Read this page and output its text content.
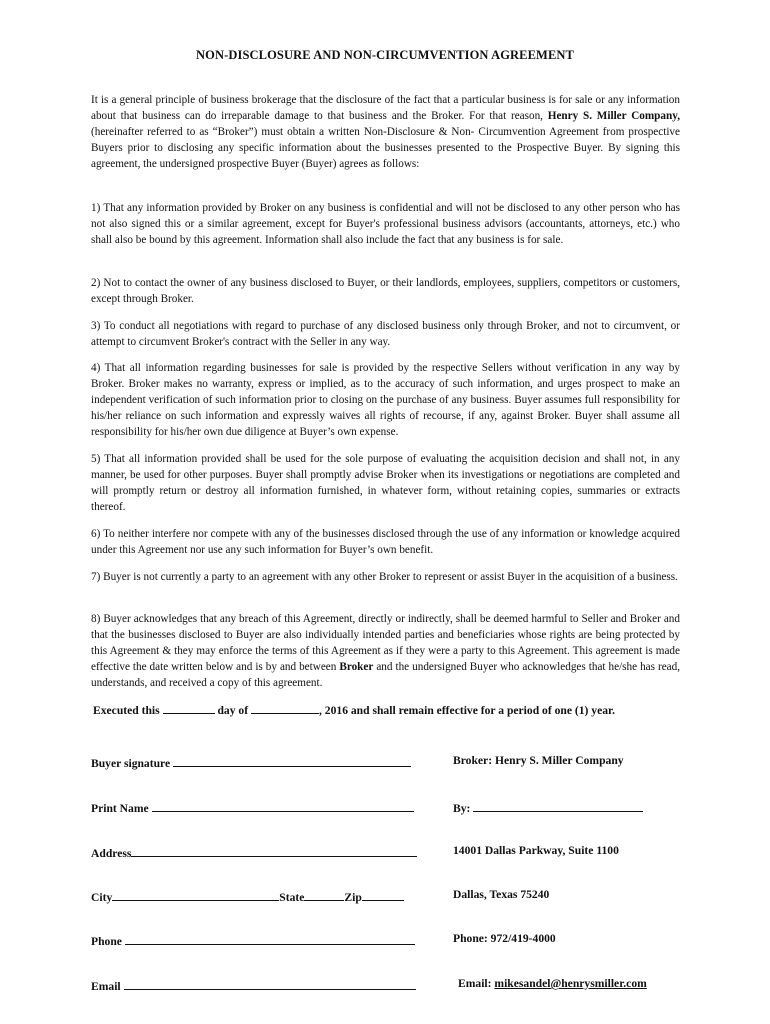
NON-DISCLOSURE AND NON-CIRCUMVENTION AGREEMENT

It is a general principle of business brokerage that the disclosure of the fact that a particular business is for sale or any information about that business can do irreparable damage to that business and the Broker. For that reason, Henry S. Miller Company, (hereinafter referred to as “Broker”) must obtain a written Non-Disclosure & Non- Circumvention Agreement from prospective Buyers prior to disclosing any specific information about the businesses presented to the Prospective Buyer. By signing this agreement, the undersigned prospective Buyer (Buyer) agrees as follows:

1) That any information provided by Broker on any business is confidential and will not be disclosed to any other person who has not also signed this or a similar agreement, except for Buyer's professional business advisors (accountants, attorneys, etc.) who shall also be bound by this agreement. Information shall also include the fact that any business is for sale.

2) Not to contact the owner of any business disclosed to Buyer, or their landlords, employees, suppliers, competitors or customers, except through Broker.

3) To conduct all negotiations with regard to purchase of any disclosed business only through Broker, and not to circumvent, or attempt to circumvent Broker's contract with the Seller in any way.

4) That all information regarding businesses for sale is provided by the respective Sellers without verification in any way by Broker. Broker makes no warranty, express or implied, as to the accuracy of such information, and urges prospect to make an independent verification of such information prior to closing on the purchase of any business. Buyer assumes full responsibility for his/her reliance on such information and expressly waives all rights of recourse, if any, against Broker. Buyer shall assume all responsibility for his/her own due diligence at Buyer’s own expense.

5) That all information provided shall be used for the sole purpose of evaluating the acquisition decision and shall not, in any manner, be used for other purposes. Buyer shall promptly advise Broker when its investigations or negotiations are completed and will promptly return or destroy all information furnished, in whatever form, without retaining copies, summaries or extracts thereof.

6) To neither interfere nor compete with any of the businesses disclosed through the use of any information or knowledge acquired under this Agreement nor use any such information for Buyer’s own benefit.

7) Buyer is not currently a party to an agreement with any other Broker to represent or assist Buyer in the acquisition of a business.

8) Buyer acknowledges that any breach of this Agreement, directly or indirectly, shall be deemed harmful to Seller and Broker and that the businesses disclosed to Buyer are also individually intended parties and beneficiaries whose rights are being protected by this Agreement & they may enforce the terms of this Agreement as if they were a party to this Agreement. This agreement is made effective the date written below and is by and between Broker and the undersigned Buyer who acknowledges that he/she has read, understands, and received a copy of this agreement.

Executed this	day of	, 2016 and shall remain effective for a period of one (1) year.
Buyer signature
Print Name
Address
City	State	Zip
Phone
Email
Broker: Henry S. Miller Company
By:
14001 Dallas Parkway, Suite 1100
Dallas, Texas 75240
Phone: 972/419-4000
Email: mikesandel@henrysmiller.com
